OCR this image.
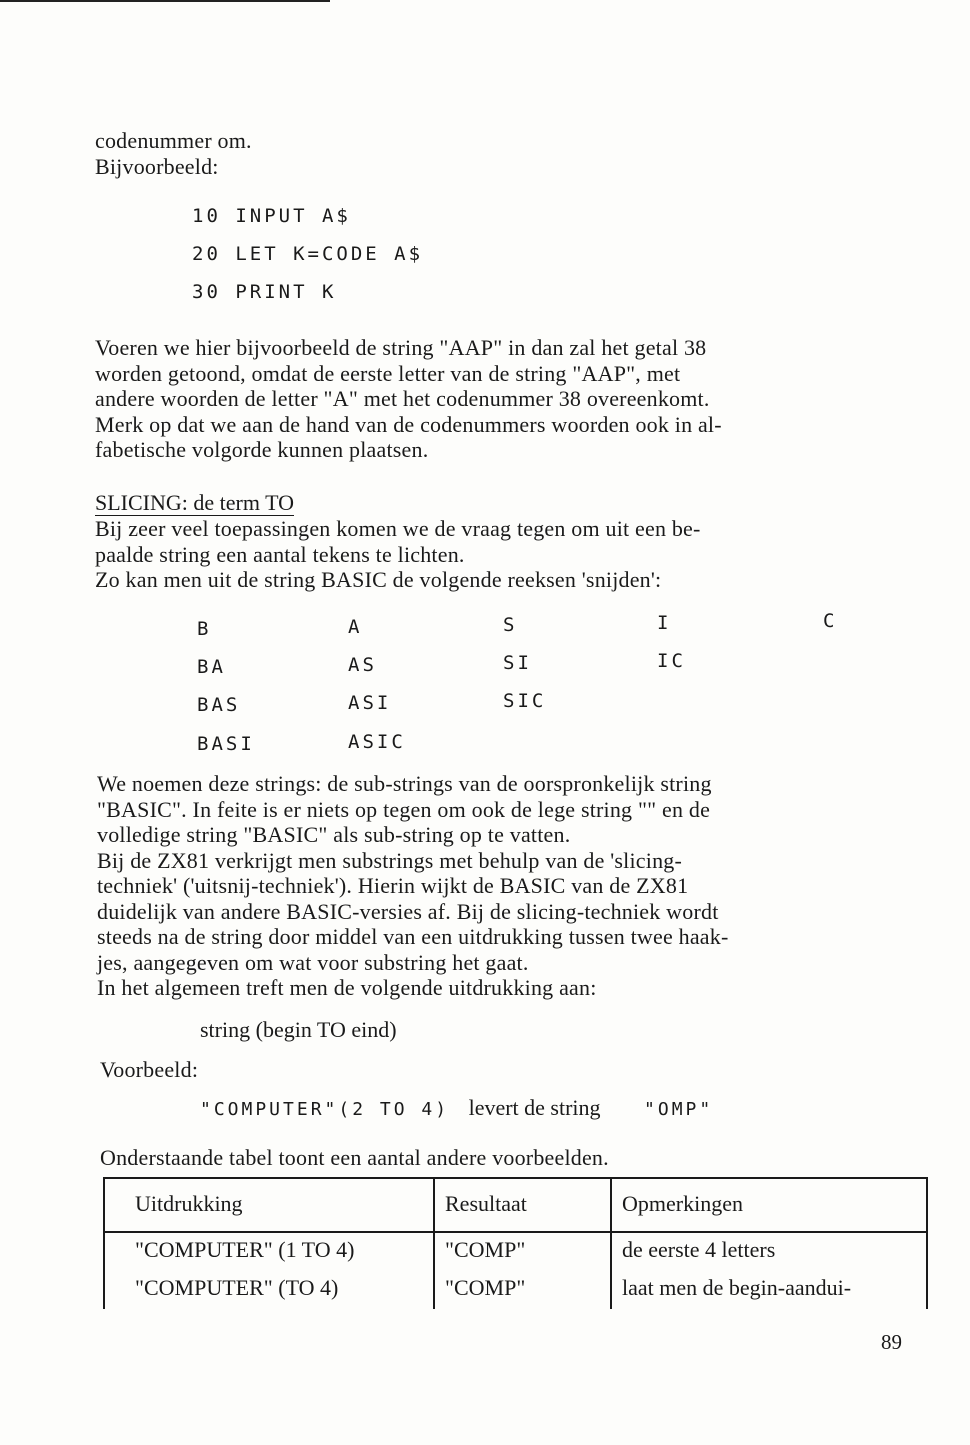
codenummer om.
Bijvoorbeeld:
10 INPUT A$
20 LET K=CODE A$
30 PRINT K
Voeren we hier bijvoorbeeld de string "AAP" in dan zal het getal 38
worden getoond, omdat de eerste letter van de string "AAP", met
andere woorden de letter "A" met het codenummer 38 overeenkomt.
Merk op dat we aan de hand van de codenummers woorden ook in al-
fabetische volgorde kunnen plaatsen.
SLICING: de term TO
Bij zeer veel toepassingen komen we de vraag tegen om uit een be-
paalde string een aantal tekens te lichten.
Zo kan men uit de string BASIC de volgende reeksen 'snijden':
B	A	S	I	C
BA	AS	SI	IC
BAS	ASI	SIC
BASI	ASIC
We noemen deze strings: de sub-strings van de oorspronkelijk string
"BASIC". In feite is er niets op tegen om ook de lege string "" en de
volledige string "BASIC" als sub-string op te vatten.
Bij de ZX81 verkrijgt men substrings met behulp van de 'slicing-
techniek' ('uitsnij-techniek'). Hierin wijkt de BASIC van de ZX81
duidelijk van andere BASIC-versies af. Bij de slicing-techniek wordt
steeds na de string door middel van een uitdrukking tussen twee haak-
jes, aangegeven om wat voor substring het gaat.
In het algemeen treft men de volgende uitdrukking aan:
string (begin TO eind)
Voorbeeld:
"COMPUTER"(2 TO 4) levert de string "OMP"
Onderstaande tabel toont een aantal andere voorbeelden.
Uitdrukking	Resultaat	Opmerkingen
"COMPUTER" (1 TO 4)	"COMP"	de eerste 4 letters
"COMPUTER" (TO 4)	"COMP"	laat men de begin-aandui-
89
